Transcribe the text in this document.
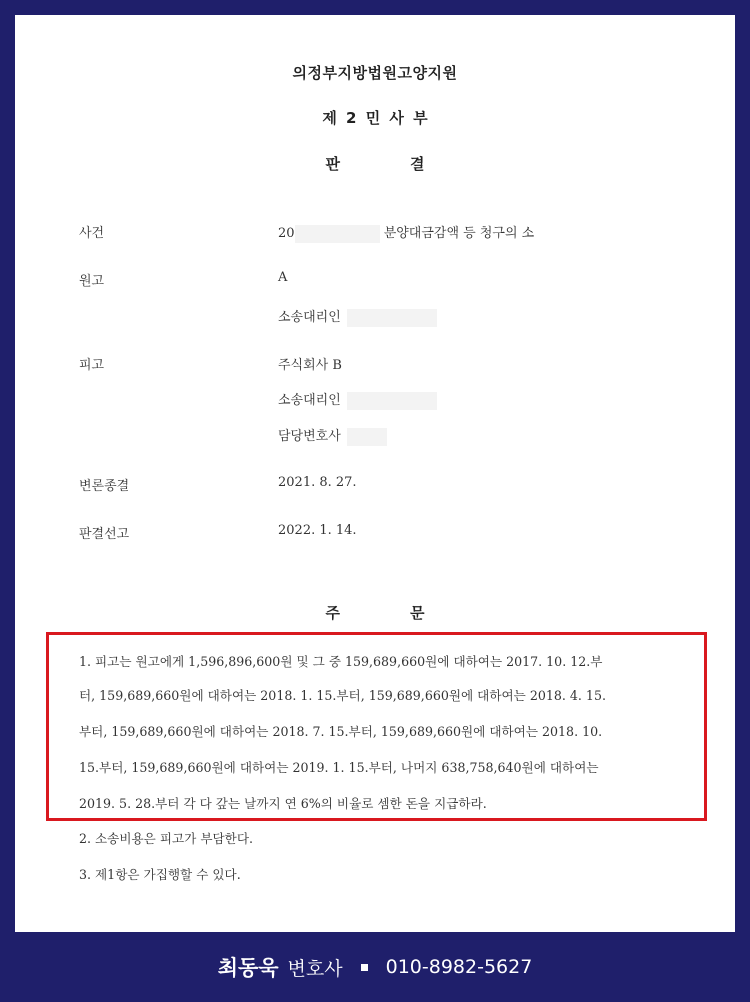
의정부지방법원고양지원
제 2 민 사 부
판	결
사건	20	분양대금감액 등 청구의 소
원고	A
소송대리인
피고	주식회사 B
소송대리인
담당변호사
변론종결	2021. 8. 27.
판결선고	2022. 1. 14.
주	문
1. 피고는 원고에게 1,596,896,600원 및 그 중 159,689,660원에 대하여는 2017. 10. 12.부
터, 159,689,660원에 대하여는 2018. 1. 15.부터, 159,689,660원에 대하여는 2018. 4. 15.
부터, 159,689,660원에 대하여는 2018. 7. 15.부터, 159,689,660원에 대하여는 2018. 10.
15.부터, 159,689,660원에 대하여는 2019. 1. 15.부터, 나머지 638,758,640원에 대하여는
2019. 5. 28.부터 각 다 갚는 날까지 연 6%의 비율로 셈한 돈을 지급하라.
2. 소송비용은 피고가 부담한다.
3. 제1항은 가집행할 수 있다.
최동욱 변호사 010-8982-5627
